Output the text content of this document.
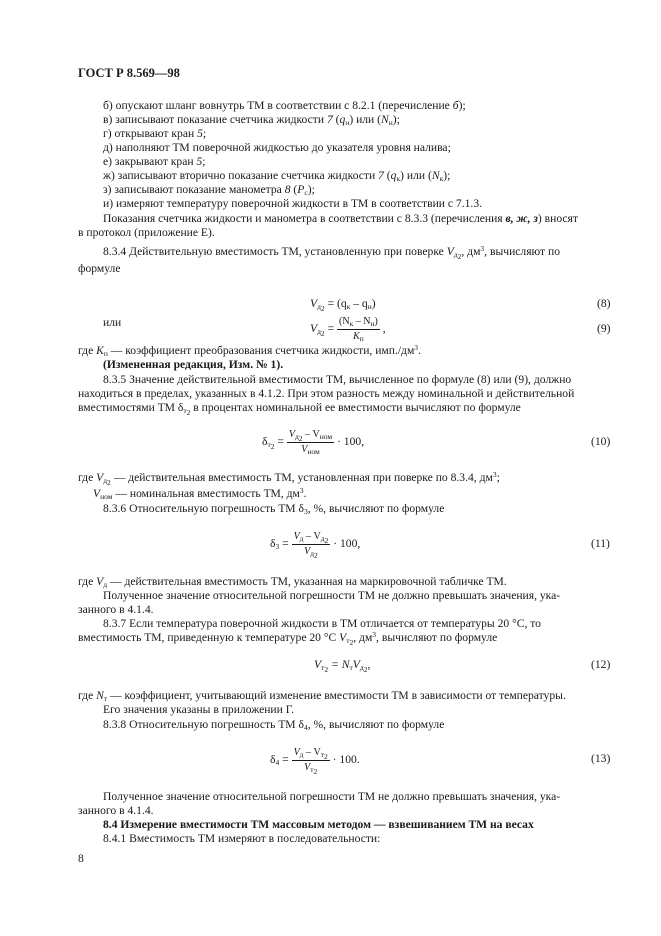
ГОСТ Р 8.569—98
б) опускают шланг вовнутрь ТМ в соответствии с 8.2.1 (перечисление б);
в) записывают показание счетчика жидкости 7 $(q_н)$ или $(N_н)$;
г) открывают кран 5;
д) наполняют ТМ поверочной жидкостью до указателя уровня налива;
е) закрывают кран 5;
ж) записывают вторично показание счетчика жидкости 7 $(q_к)$ или $(N_к)$;
з) записывают показание манометра 8 $(P_с)$;
и) измеряют температуру поверочной жидкости в ТМ в соответствии с 7.1.3.
Показания счетчика жидкости и манометра в соответствии с 8.3.3 (перечисления в, ж, з) вносят
в протокол (приложение Е).
8.3.4 Действительную вместимость ТМ, установленную при поверке $V_{д_2}$, $дм^3$, вычисляют по
формуле
$V_{д_2} = (q_к - q_н)$	(8)
или	$V_{д_2} = \frac{(N_к - N_н)}{K_п}$ ,	(9)
где $K_п$ — коэффициент преобразования счетчика жидкости, $имп./дм^3$.
(Измененная редакция, Изм. № 1).
8.3.5 Значение действительной вместимости ТМ, вычисленное по формуле (8) или (9), должно
находиться в пределах, указанных в 4.1.2. При этом разность между номинальной и действительной
вместимостями ТМ $\delta_{т_2}$ в процентах номинальной ее вместимости вычисляют по формуле
$\delta_{т_2} = \frac{V_{д_2} - V_{ном}}{V_{ном}} \cdot 100$,	(10)
где $V_{д_2}$ — действительная вместимость ТМ, установленная при поверке по 8.3.4, $дм^3$;
$V_{ном}$ — номинальная вместимость ТМ, $дм^3$.
8.3.6 Относительную погрешность ТМ $\delta_3$, %, вычисляют по формуле
$\delta_3 = \frac{V_д - V_{д_2}}{V_{д_2}} \cdot 100$,	(11)
где $V_д$ — действительная вместимость ТМ, указанная на маркировочной табличке ТМ.
Полученное значение относительной погрешности ТМ не должно превышать значения, ука-
занного в 4.1.4.
8.3.7 Если температура поверочной жидкости в ТМ отличается от температуры 20 °С, то
вместимость ТМ, приведенную к температуре 20 °С $V_{т_2}$, $дм^3$, вычисляют по формуле
$V_{т_2} = N_тV_{д_2}$,	(12)
где $N_т$ — коэффициент, учитывающий изменение вместимости ТМ в зависимости от температуры.
Его значения указаны в приложении Г.
8.3.8 Относительную погрешность ТМ $\delta_4$, %, вычисляют по формуле
$\delta_4 = \frac{V_д - V_{т_2}}{V_{т_2}} \cdot 100$.	(13)
Полученное значение относительной погрешности ТМ не должно превышать значения, ука-
занного в 4.1.4.
8.4 Измерение вместимости ТМ массовым методом — взвешиванием ТМ на весах
8.4.1 Вместимость ТМ измеряют в последовательности:
8
